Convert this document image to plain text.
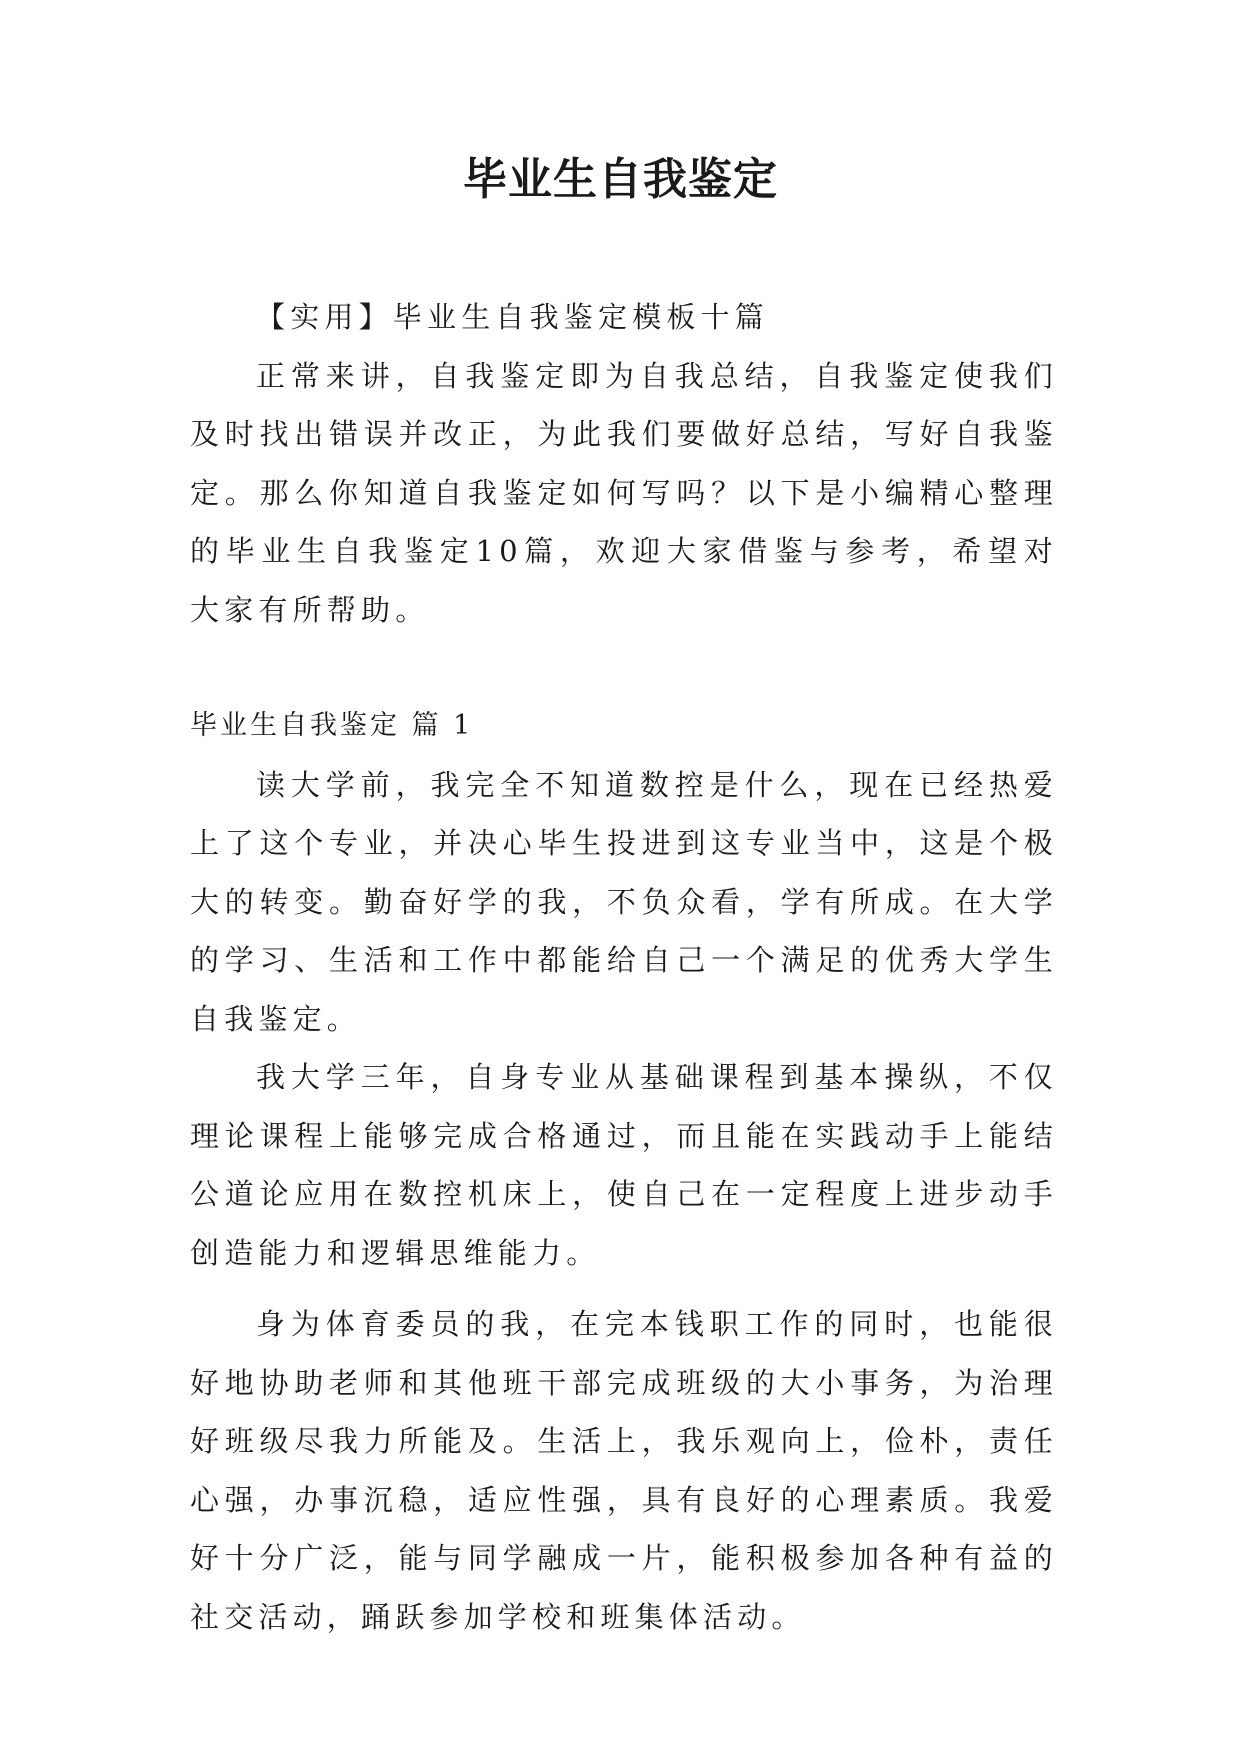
毕业生自我鉴定

【实用】毕业生自我鉴定模板十篇

正常来讲，自我鉴定即为自我总结，自我鉴定使我们及时找出错误并改正，为此我们要做好总结，写好自我鉴定。那么你知道自我鉴定如何写吗？以下是小编精心整理的毕业生自我鉴定10篇，欢迎大家借鉴与参考，希望对大家有所帮助。

毕业生自我鉴定 篇 1

读大学前，我完全不知道数控是什么，现在已经热爱上了这个专业，并决心毕生投进到这专业当中，这是个极大的转变。勤奋好学的我，不负众看，学有所成。在大学的学习、生活和工作中都能给自己一个满足的优秀大学生自我鉴定。

我大学三年，自身专业从基础课程到基本操纵，不仅理论课程上能够完成合格通过，而且能在实践动手上能结公道论应用在数控机床上，使自己在一定程度上进步动手创造能力和逻辑思维能力。

身为体育委员的我，在完本钱职工作的同时，也能很好地协助老师和其他班干部完成班级的大小事务，为治理好班级尽我力所能及。生活上，我乐观向上，俭朴，责任心强，办事沉稳，适应性强，具有良好的心理素质。我爱好十分广泛，能与同学融成一片，能积极参加各种有益的社交活动，踊跃参加学校和班集体活动。
